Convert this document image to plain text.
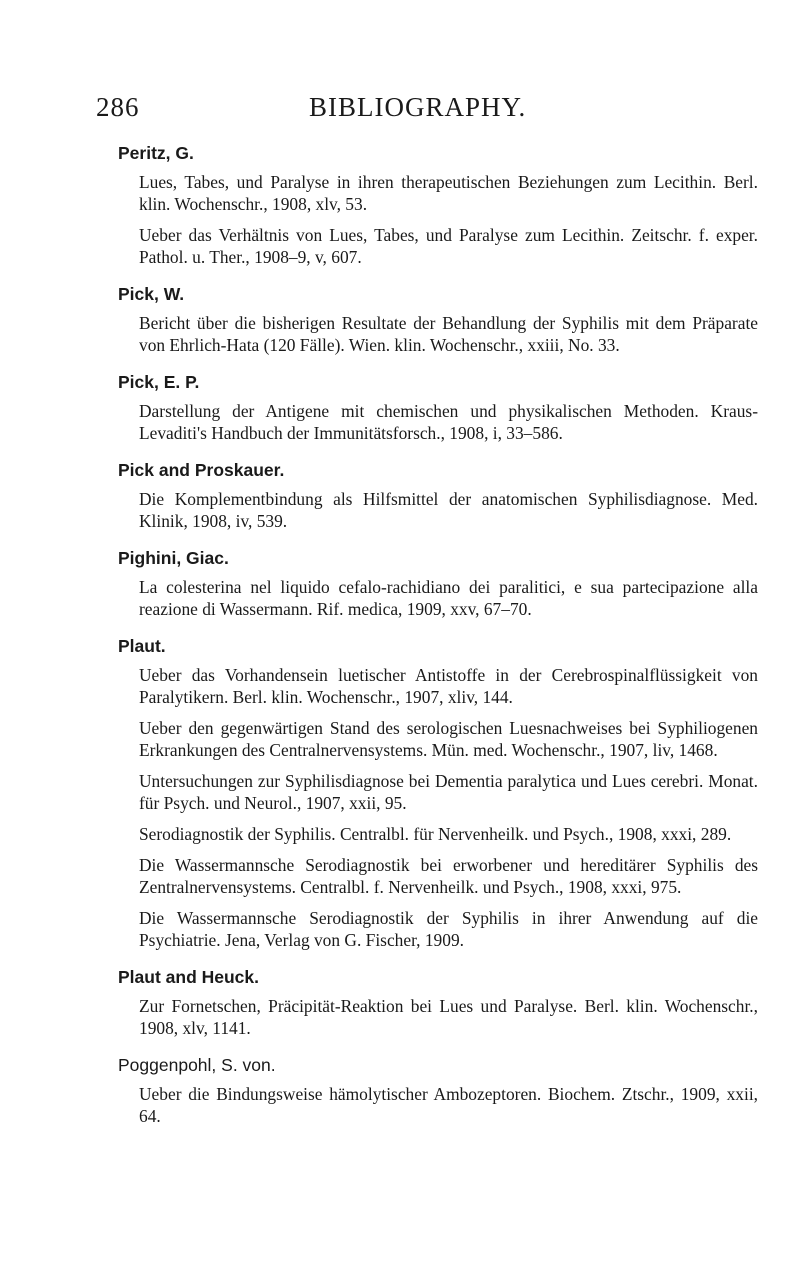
286	BIBLIOGRAPHY.
Peritz, G.
Lues, Tabes, und Paralyse in ihren therapeutischen Beziehungen zum Lecithin. Berl. klin. Wochenschr., 1908, xlv, 53.
Ueber das Verhältnis von Lues, Tabes, und Paralyse zum Lecithin. Zeitschr. f. exper. Pathol. u. Ther., 1908–9, v, 607.
Pick, W.
Bericht über die bisherigen Resultate der Behandlung der Syphilis mit dem Präparate von Ehrlich-Hata (120 Fälle). Wien. klin. Wochenschr., xxiii, No. 33.
Pick, E. P.
Darstellung der Antigene mit chemischen und physikalischen Methoden. Kraus-Levaditi's Handbuch der Immunitätsforsch., 1908, i, 33–586.
Pick and Proskauer.
Die Komplementbindung als Hilfsmittel der anatomischen Syphilisdiagnose. Med. Klinik, 1908, iv, 539.
Pighini, Giac.
La colesterina nel liquido cefalo-rachidiano dei paralitici, e sua partecipazione alla reazione di Wassermann. Rif. medica, 1909, xxv, 67–70.
Plaut.
Ueber das Vorhandensein luetischer Antistoffe in der Cerebrospinalflüssigkeit von Paralytikern. Berl. klin. Wochenschr., 1907, xliv, 144.
Ueber den gegenwärtigen Stand des serologischen Luesnachweises bei Syphiliogenen Erkrankungen des Centralnervensystems. Mün. med. Wochenschr., 1907, liv, 1468.
Untersuchungen zur Syphilisdiagnose bei Dementia paralytica und Lues cerebri. Monat. für Psych. und Neurol., 1907, xxii, 95.
Serodiagnostik der Syphilis. Centralbl. für Nervenheilk. und Psych., 1908, xxxi, 289.
Die Wassermannsche Serodiagnostik bei erworbener und hereditärer Syphilis des Zentralnervensystems. Centralbl. f. Nervenheilk. und Psych., 1908, xxxi, 975.
Die Wassermannsche Serodiagnostik der Syphilis in ihrer Anwendung auf die Psychiatrie. Jena, Verlag von G. Fischer, 1909.
Plaut and Heuck.
Zur Fornetschen, Präcipität-Reaktion bei Lues und Paralyse. Berl. klin. Wochenschr., 1908, xlv, 1141.
Poggenpohl, S. von.
Ueber die Bindungsweise hämolytischer Ambozeptoren. Biochem. Ztschr., 1909, xxii, 64.
